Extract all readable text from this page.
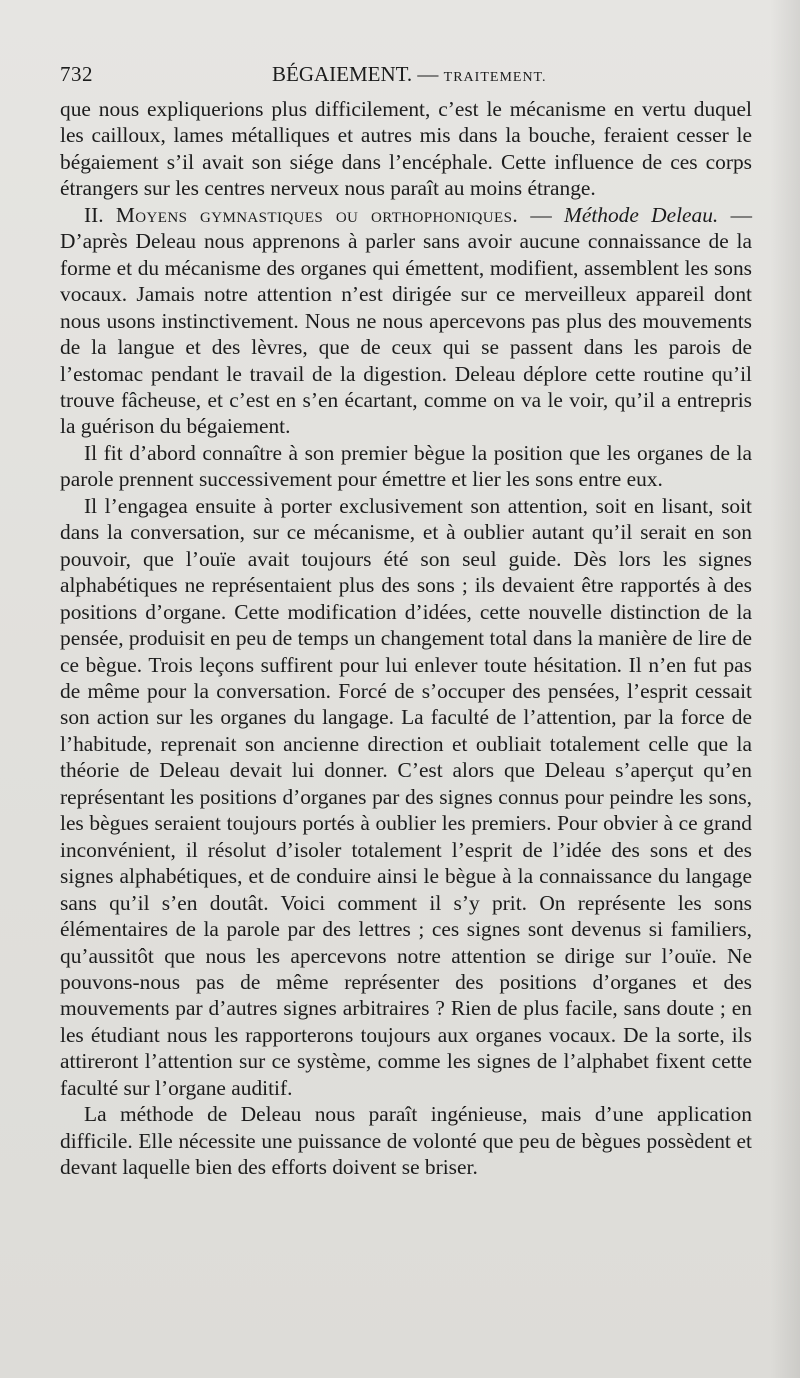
732	BÉGAIEMENT. — TRAITEMENT.

que nous expliquerions plus difficilement, c’est le mécanisme en vertu duquel les cailloux, lames métalliques et autres mis dans la bouche, feraient cesser le bégaiement s’il avait son siége dans l’encéphale. Cette influence de ces corps étrangers sur les centres nerveux nous paraît au moins étrange.

II. Moyens gymnastiques ou orthophoniques. — Méthode Deleau. — D’après Deleau nous apprenons à parler sans avoir aucune connaissance de la forme et du mécanisme des organes qui émettent, modifient, assemblent les sons vocaux. Jamais notre attention n’est dirigée sur ce merveilleux appareil dont nous usons instinctivement. Nous ne nous apercevons pas plus des mouvements de la langue et des lèvres, que de ceux qui se passent dans les parois de l’estomac pendant le travail de la digestion. Deleau déplore cette routine qu’il trouve fâcheuse, et c’est en s’en écartant, comme on va le voir, qu’il a entrepris la guérison du bégaiement.

Il fit d’abord connaître à son premier bègue la position que les organes de la parole prennent successivement pour émettre et lier les sons entre eux.

Il l’engagea ensuite à porter exclusivement son attention, soit en lisant, soit dans la conversation, sur ce mécanisme, et à oublier autant qu’il serait en son pouvoir, que l’ouïe avait toujours été son seul guide. Dès lors les signes alphabétiques ne représentaient plus des sons ; ils devaient être rapportés à des positions d’organe. Cette modification d’idées, cette nouvelle distinction de la pensée, produisit en peu de temps un changement total dans la manière de lire de ce bègue. Trois leçons suffirent pour lui enlever toute hésitation. Il n’en fut pas de même pour la conversation. Forcé de s’occuper des pensées, l’esprit cessait son action sur les organes du langage. La faculté de l’attention, par la force de l’habitude, reprenait son ancienne direction et oubliait totalement celle que la théorie de Deleau devait lui donner. C’est alors que Deleau s’aperçut qu’en représentant les positions d’organes par des signes connus pour peindre les sons, les bègues seraient toujours portés à oublier les premiers. Pour obvier à ce grand inconvénient, il résolut d’isoler totalement l’esprit de l’idée des sons et des signes alphabétiques, et de conduire ainsi le bègue à la connaissance du langage sans qu’il s’en doutât. Voici comment il s’y prit. On représente les sons élémentaires de la parole par des lettres ; ces signes sont devenus si familiers, qu’aussitôt que nous les apercevons notre attention se dirige sur l’ouïe. Ne pouvons-nous pas de même représenter des positions d’organes et des mouvements par d’autres signes arbitraires ? Rien de plus facile, sans doute ; en les étudiant nous les rapporterons toujours aux organes vocaux. De la sorte, ils attireront l’attention sur ce système, comme les signes de l’alphabet fixent cette faculté sur l’organe auditif.

La méthode de Deleau nous paraît ingénieuse, mais d’une application difficile. Elle nécessite une puissance de volonté que peu de bègues possèdent et devant laquelle bien des efforts doivent se briser.
